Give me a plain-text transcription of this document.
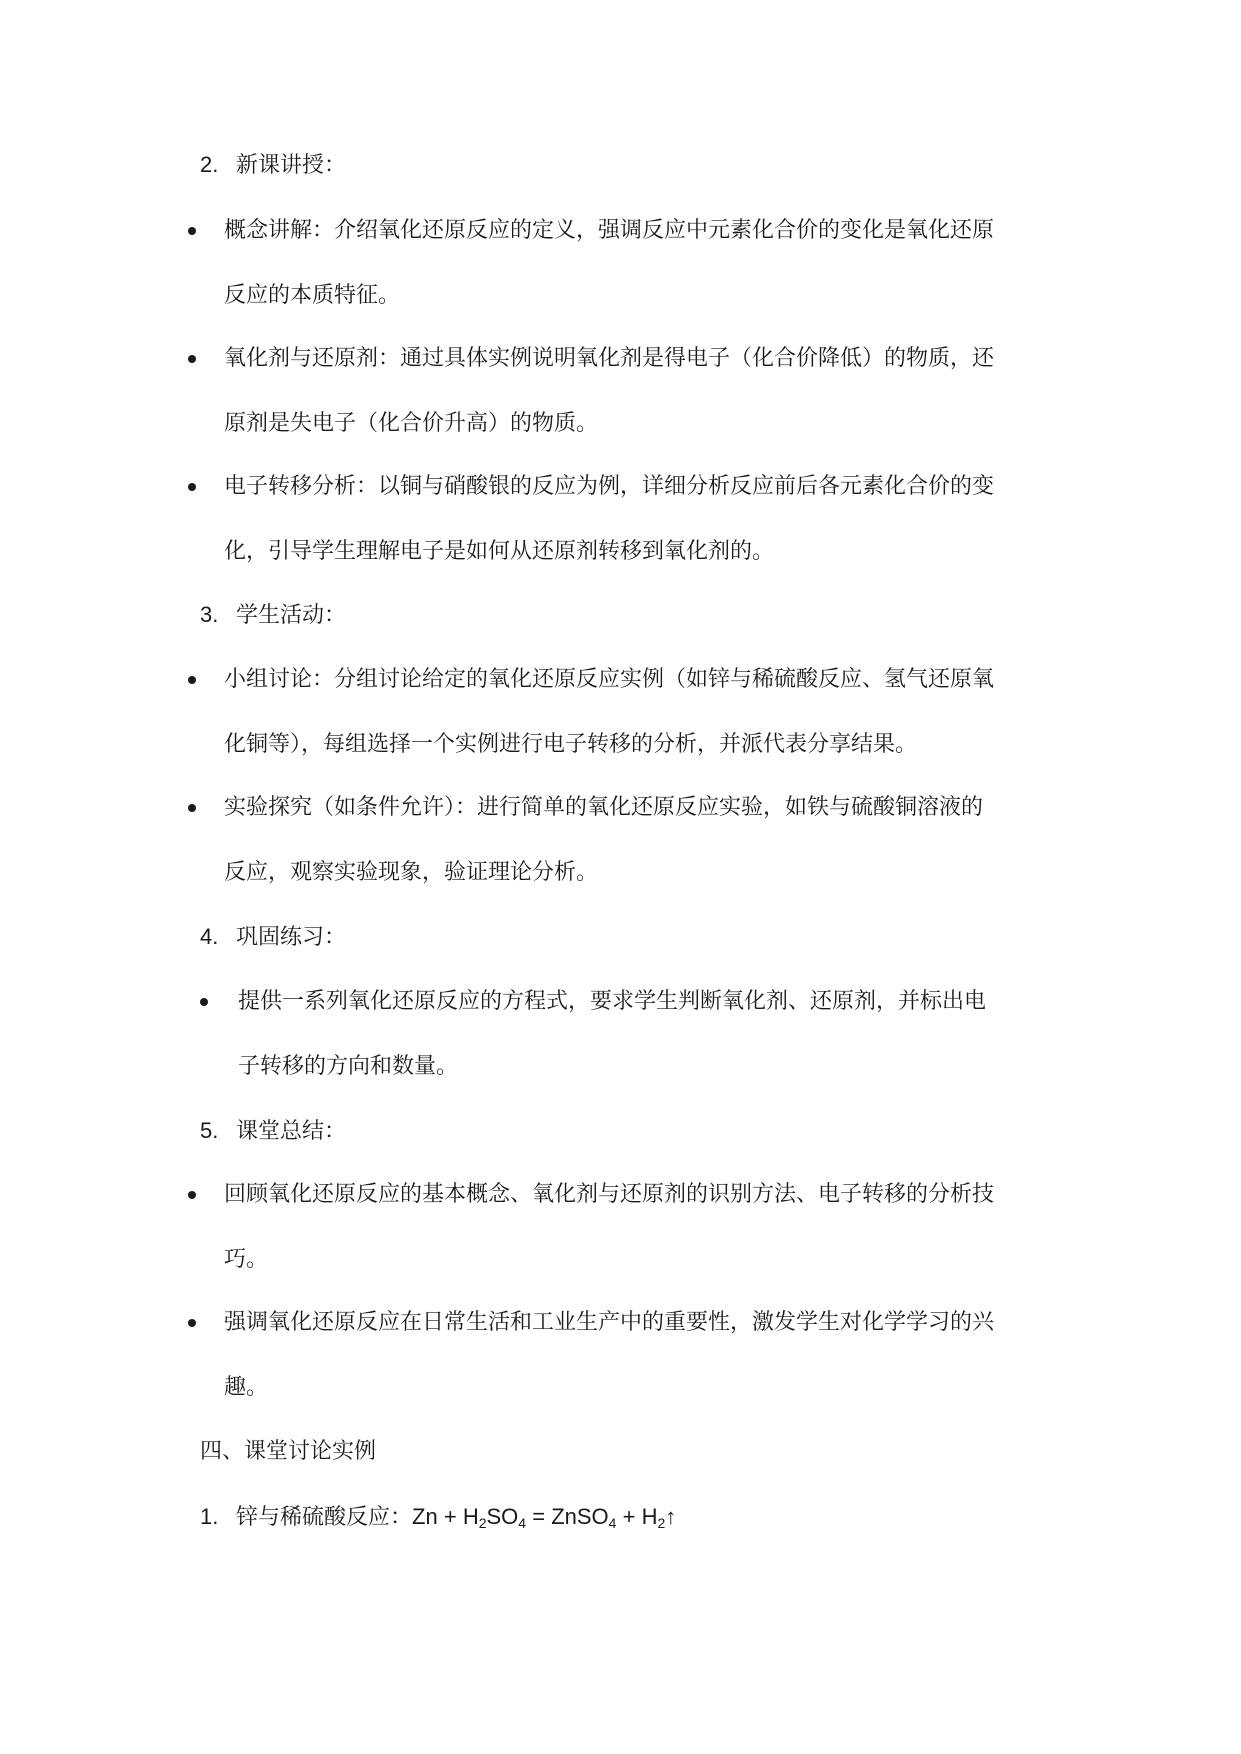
2. 新课讲授：
概念讲解：介绍氧化还原反应的定义，强调反应中元素化合价的变化是氧化还原
反应的本质特征。
氧化剂与还原剂：通过具体实例说明氧化剂是得电子（化合价降低）的物质，还
原剂是失电子（化合价升高）的物质。
电子转移分析：以铜与硝酸银的反应为例，详细分析反应前后各元素化合价的变
化，引导学生理解电子是如何从还原剂转移到氧化剂的。
3. 学生活动：
小组讨论：分组讨论给定的氧化还原反应实例（如锌与稀硫酸反应、氢气还原氧
化铜等），每组选择一个实例进行电子转移的分析，并派代表分享结果。
实验探究（如条件允许）：进行简单的氧化还原反应实验，如铁与硫酸铜溶液的
反应，观察实验现象，验证理论分析。
4. 巩固练习：
提供一系列氧化还原反应的方程式，要求学生判断氧化剂、还原剂，并标出电
子转移的方向和数量。
5. 课堂总结：
回顾氧化还原反应的基本概念、氧化剂与还原剂的识别方法、电子转移的分析技
巧。
强调氧化还原反应在日常生活和工业生产中的重要性，激发学生对化学学习的兴
趣。
四、课堂讨论实例
1. 锌与稀硫酸反应：$Zn + H_2SO_4$ = ZnSO$_4$ + $H_2↑$
